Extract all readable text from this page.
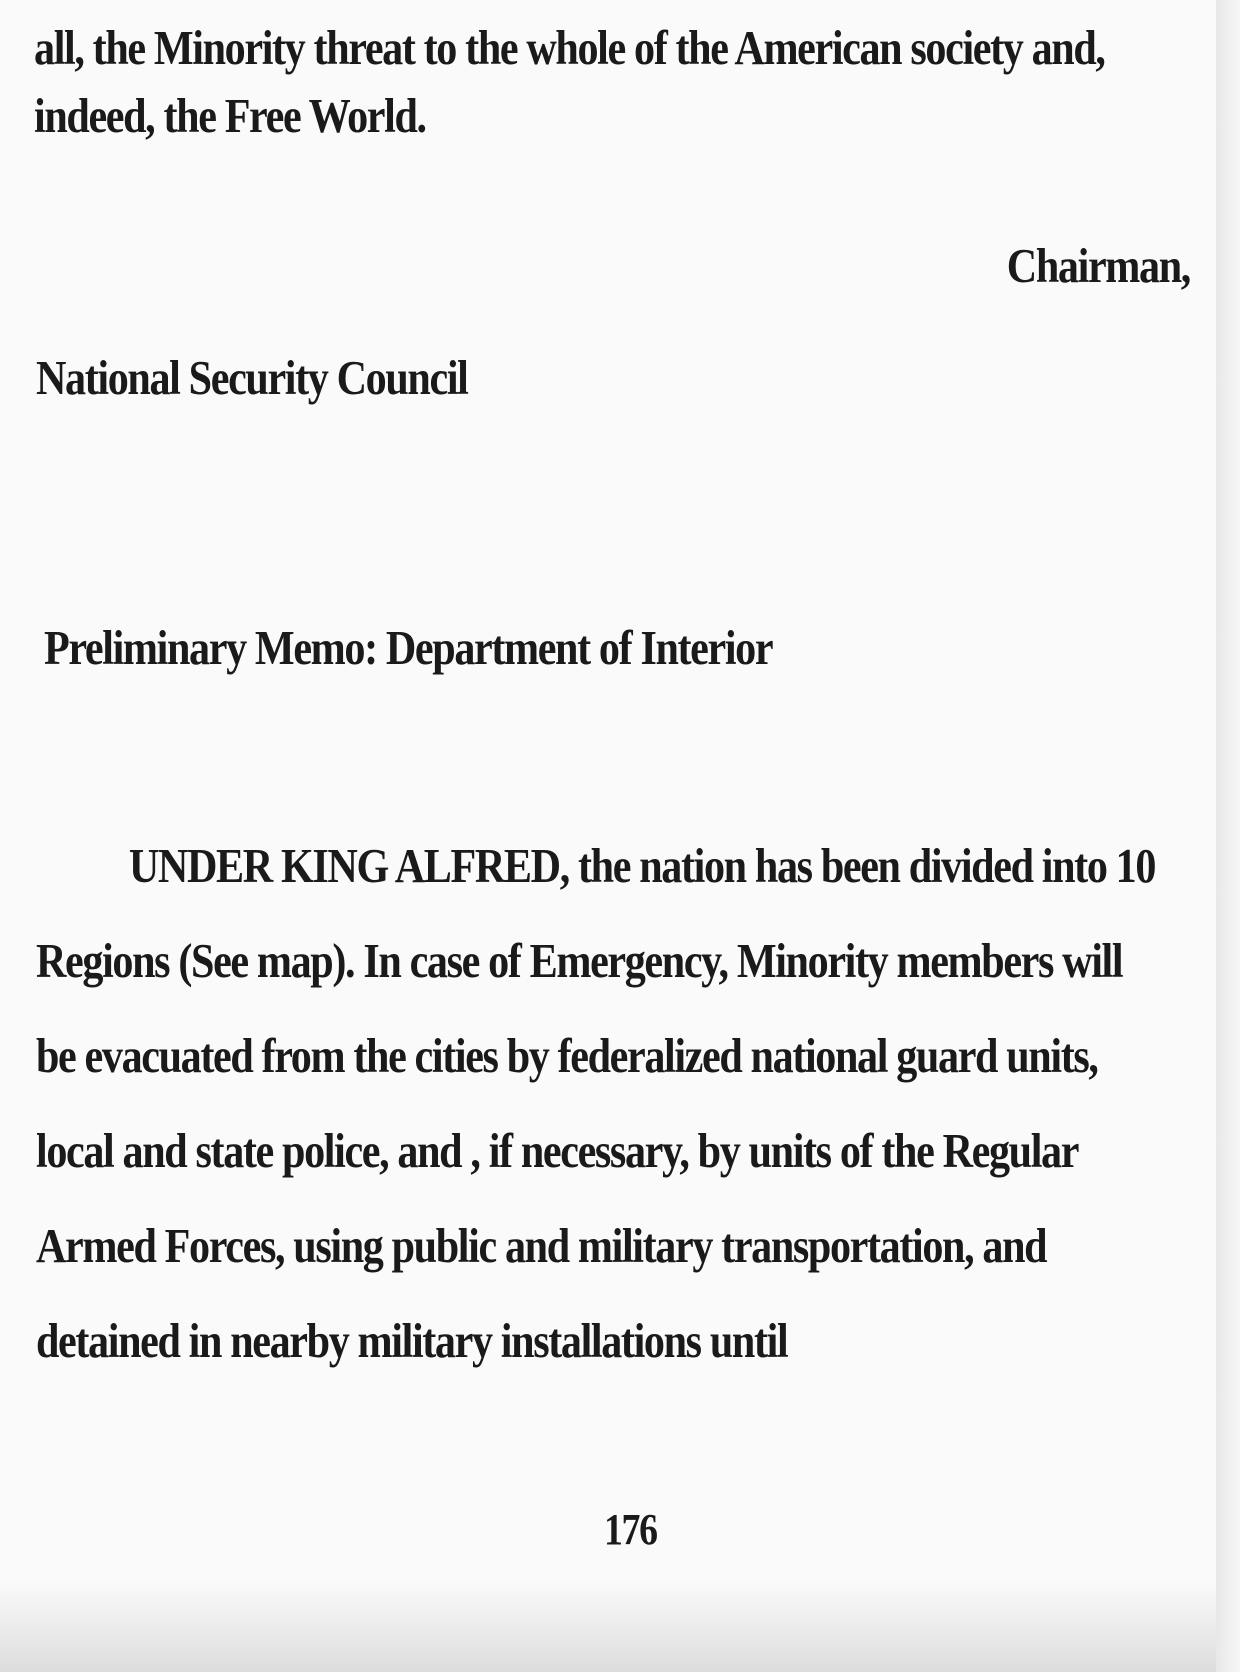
all, the Minority threat to the whole of the American society and,
indeed, the Free World.
Chairman,
National Security Council
Preliminary Memo: Department of Interior
UNDER KING ALFRED, the nation has been divided into 10
Regions (See map). In case of Emergency, Minority members will
be evacuated from the cities by federalized national guard units,
local and state police, and , if necessary, by units of the Regular
Armed Forces, using public and military transportation, and
detained in nearby military installations until
176
